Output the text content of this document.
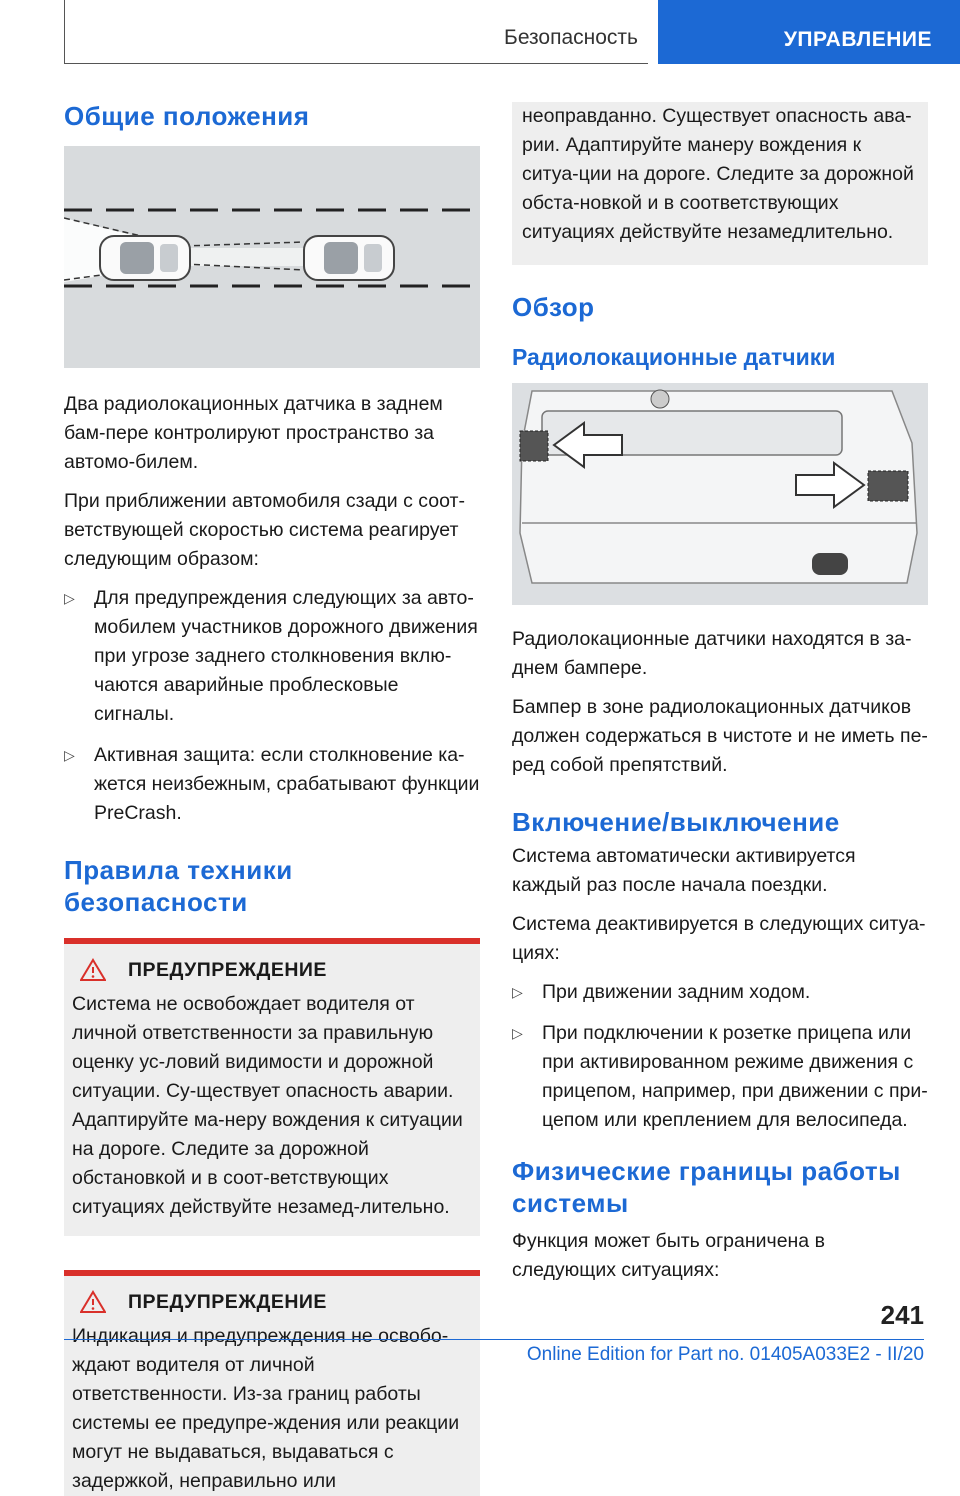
Безопасность	УПРАВЛЕНИЕ
Общие положения

Два радиолокационных датчика в заднем бам-пере контролируют пространство за автомо-билем.

При приближении автомобиля сзади с соот-ветствующей скоростью система реагирует следующим образом:

▷ Для предупреждения следующих за авто-мобилем участников дорожного движения при угрозе заднего столкновения вклю-чаются аварийные проблесковые сигналы.
▷ Активная защита: если столкновение ка-жется неизбежным, срабатывают функции PreCrash.
Правила техники безопасности
ПРЕДУПРЕЖДЕНИЕ

Система не освобождает водителя от личной ответственности за правильную оценку ус-ловий видимости и дорожной ситуации. Су-ществует опасность аварии. Адаптируйте ма-неру вождения к ситуации на дороге. Следите за дорожной обстановкой и в соот-ветствующих ситуациях действуйте незамед-лительно.

ПРЕДУПРЕЖДЕНИЕ

Индикация и предупреждения не освобо-ждают водителя от личной ответственности. Из-за границ работы системы ее предупре-ждения или реакции могут не выдаваться, выдаваться с задержкой, неправильно или

неоправданно. Существует опасность ава-рии. Адаптируйте манеру вождения к ситуа-ции на дороге. Следите за дорожной обста-новкой и в соответствующих ситуациях действуйте незамедлительно.

Обзор
Радиолокационные датчики

Радиолокационные датчики находятся в за-днем бампере.

Бампер в зоне радиолокационных датчиков должен содержаться в чистоте и не иметь пе-ред собой препятствий.

Включение/выключение

Система автоматически активируется каждый раз после начала поездки.

Система деактивируется в следующих ситуа-циях:

▷ При движении задним ходом.
▷ При подключении к розетке прицепа или при активированном режиме движения с прицепом, например, при движении с при-цепом или креплением для велосипеда.
Физические границы работы системы

Функция может быть ограничена в следующих ситуациях:

241
Online Edition for Part no. 01405A033E2 - II/20
